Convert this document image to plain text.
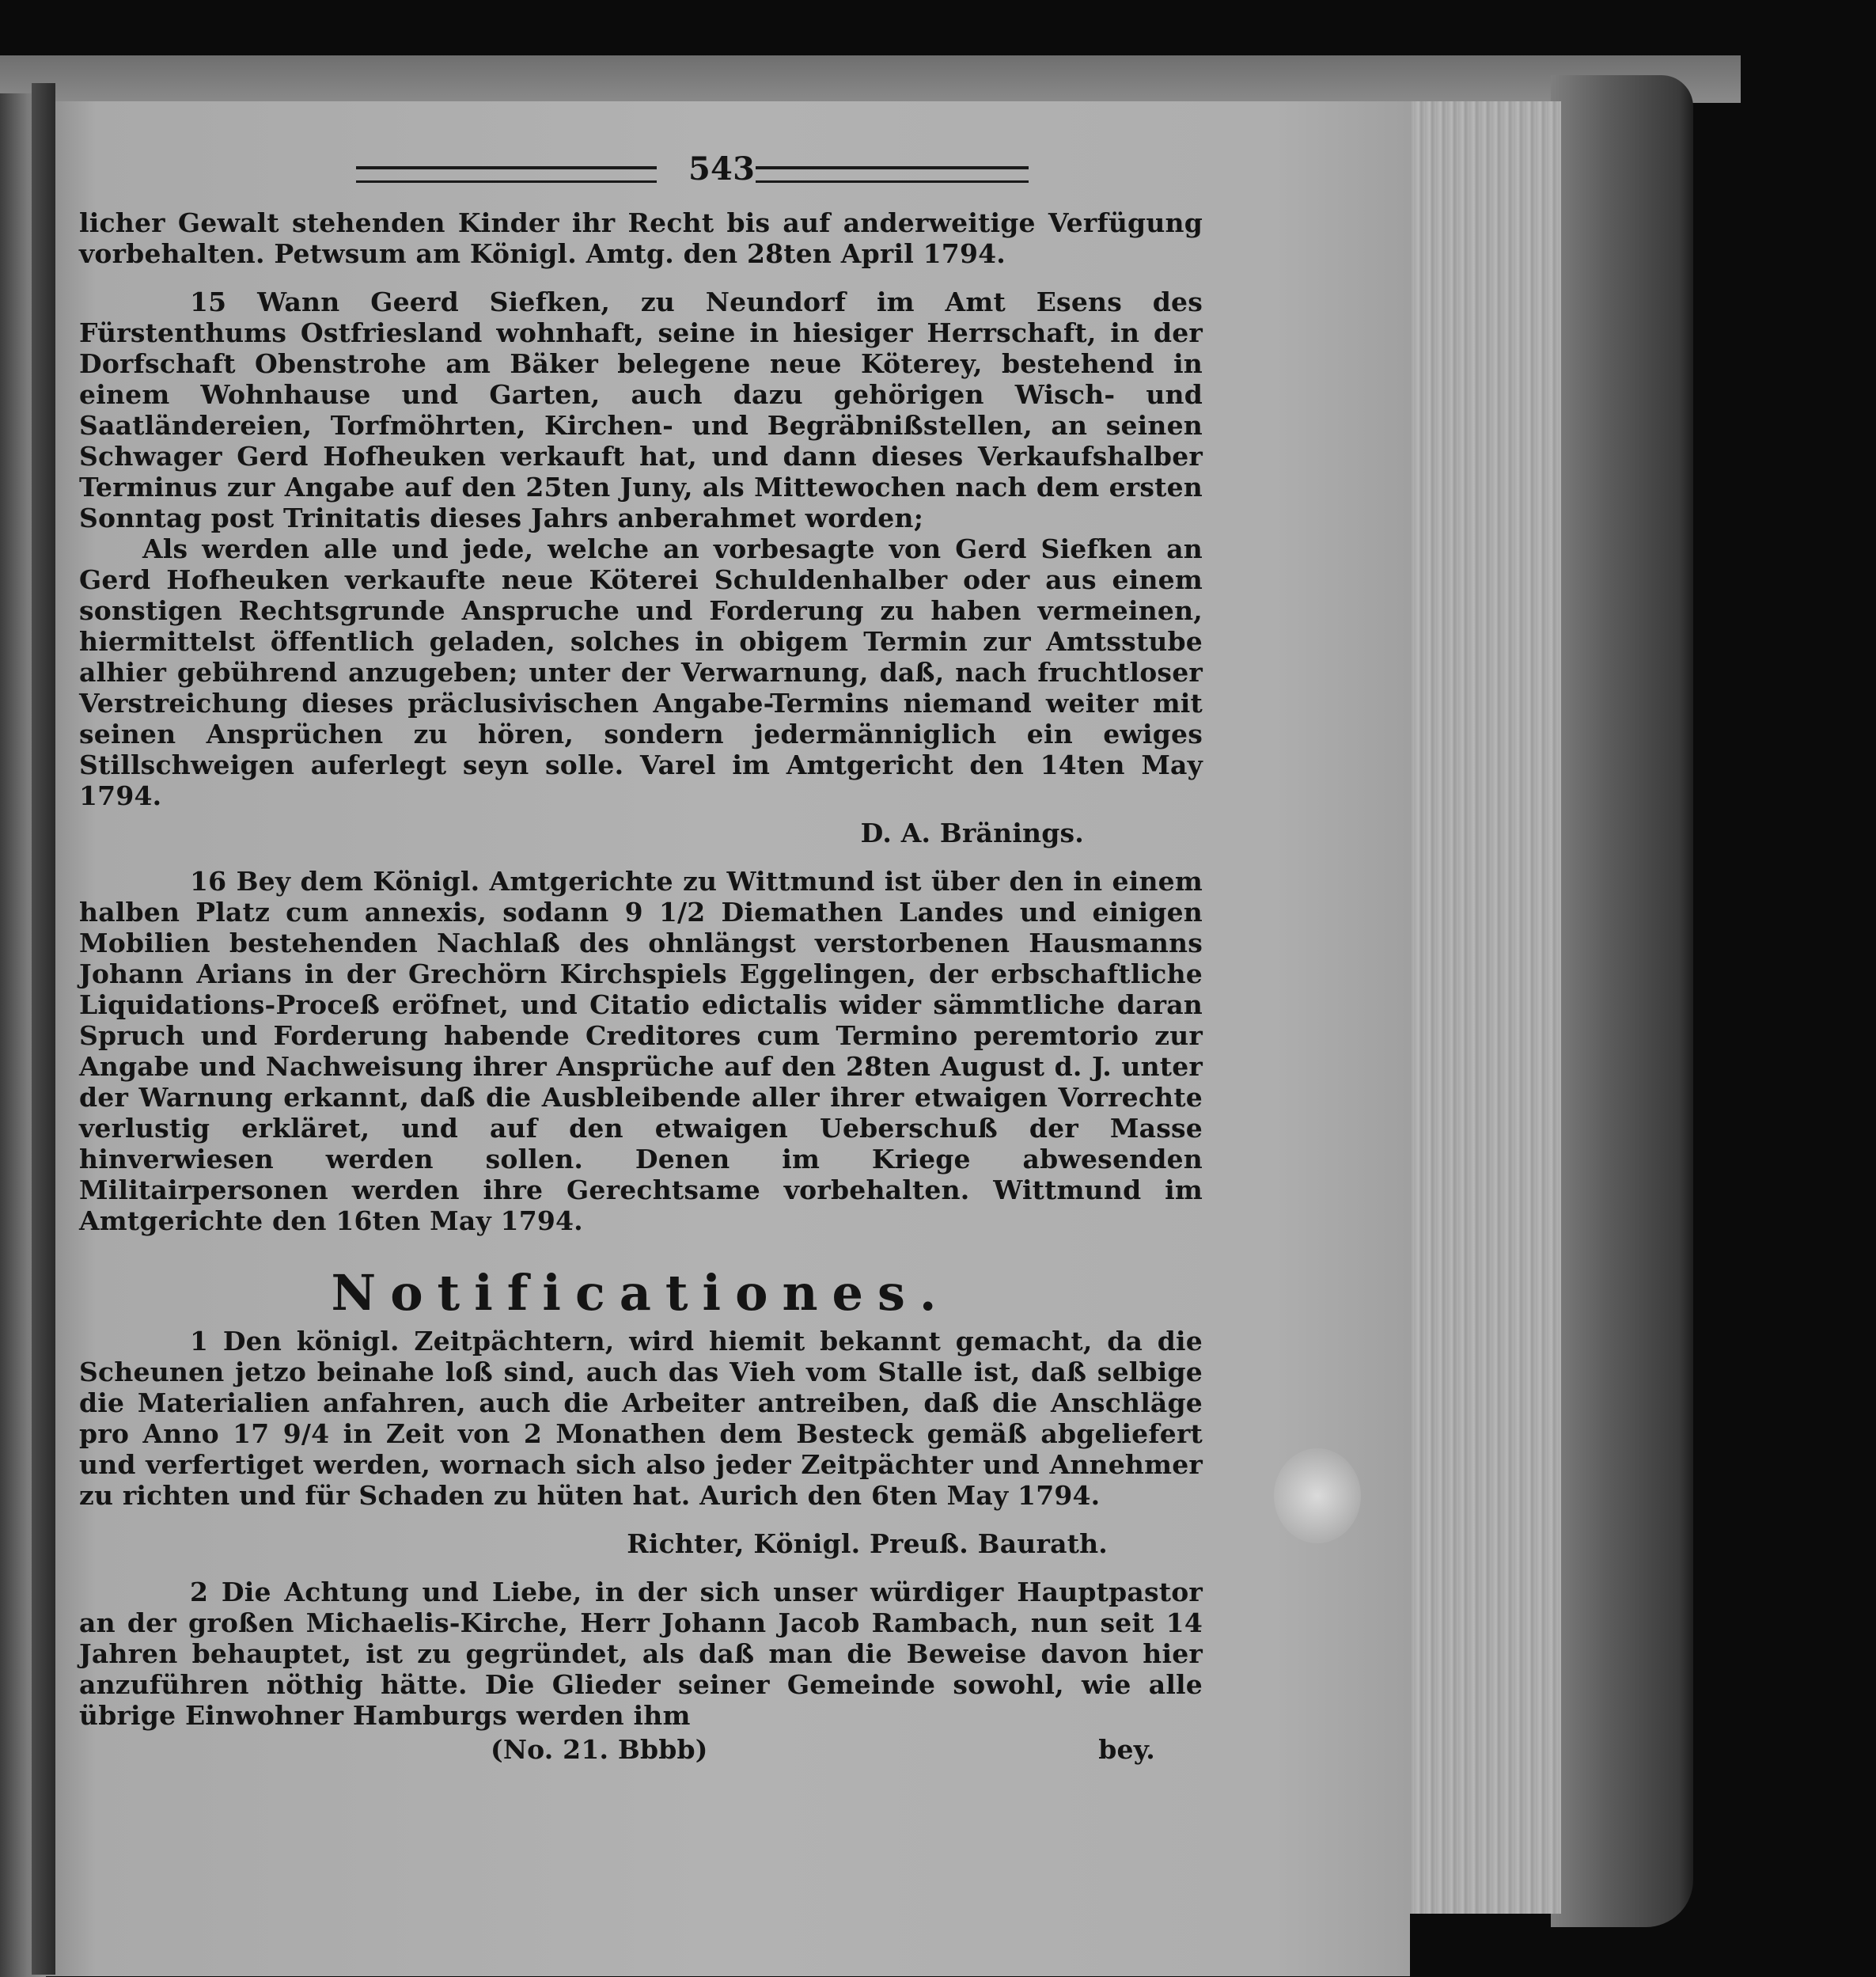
543

licher Gewalt stehenden Kinder ihr Recht bis auf anderweitige Verfügung vorbehalten. Petwsum am Königl. Amtg. den 28ten April 1794.

15 Wann Geerd Siefken, zu Neundorf im Amt Esens des Fürstenthums Ostfriesland wohnhaft, seine in hiesiger Herrschaft, in der Dorfschaft Obenstrohe am Bäker belegene neue Köterey, bestehend in einem Wohnhause und Garten, auch dazu gehörigen Wisch- und Saatländereien, Torfmöhrten, Kirchen- und Begräbnißstellen, an seinen Schwager Gerd Hofheuken verkauft hat, und dann dieses Verkaufshalber Terminus zur Angabe auf den 25ten Juny, als Mittewochen nach dem ersten Sonntag post Trinitatis dieses Jahrs anberahmet worden;

Als werden alle und jede, welche an vorbesagte von Gerd Siefken an Gerd Hofheuken verkaufte neue Köterei Schuldenhalber oder aus einem sonstigen Rechtsgrunde Anspruche und Forderung zu haben vermeinen, hiermittelst öffentlich geladen, solches in obigem Termin zur Amtsstube alhier gebührend anzugeben; unter der Verwarnung, daß, nach fruchtloser Verstreichung dieses präclusivischen Angabe-Termins niemand weiter mit seinen Ansprüchen zu hören, sondern jedermänniglich ein ewiges Stillschweigen auferlegt seyn solle. Varel im Amtgericht den 14ten May 1794.

D. A. Bränings.

16 Bey dem Königl. Amtgerichte zu Wittmund ist über den in einem halben Platz cum annexis, sodann 9 1/2 Diemathen Landes und einigen Mobilien bestehenden Nachlaß des ohnlängst verstorbenen Hausmanns Johann Arians in der Grechörn Kirchspiels Eggelingen, der erbschaftliche Liquidations-Proceß eröfnet, und Citatio edictalis wider sämmtliche daran Spruch und Forderung habende Creditores cum Termino peremtorio zur Angabe und Nachweisung ihrer Ansprüche auf den 28ten August d. J. unter der Warnung erkannt, daß die Ausbleibende aller ihrer etwaigen Vorrechte verlustig erkläret, und auf den etwaigen Ueberschuß der Masse hinverwiesen werden sollen. Denen im Kriege abwesenden Militairpersonen werden ihre Gerechtsame vorbehalten. Wittmund im Amtgerichte den 16ten May 1794.

Notificationes.

1 Den königl. Zeitpächtern, wird hiemit bekannt gemacht, da die Scheunen jetzo beinahe loß sind, auch das Vieh vom Stalle ist, daß selbige die Materialien anfahren, auch die Arbeiter antreiben, daß die Anschläge pro Anno 17 9/4 in Zeit von 2 Monathen dem Besteck gemäß abgeliefert und verfertiget werden, wornach sich also jeder Zeitpächter und Annehmer zu richten und für Schaden zu hüten hat. Aurich den 6ten May 1794.

Richter, Königl. Preuß. Baurath.

2 Die Achtung und Liebe, in der sich unser würdiger Hauptpastor an der großen Michaelis-Kirche, Herr Johann Jacob Rambach, nun seit 14 Jahren behauptet, ist zu gegründet, als daß man die Beweise davon hier anzuführen nöthig hätte. Die Glieder seiner Gemeinde sowohl, wie alle übrige Einwohner Hamburgs werden ihm

(No. 21. Bbbb)	bey.
